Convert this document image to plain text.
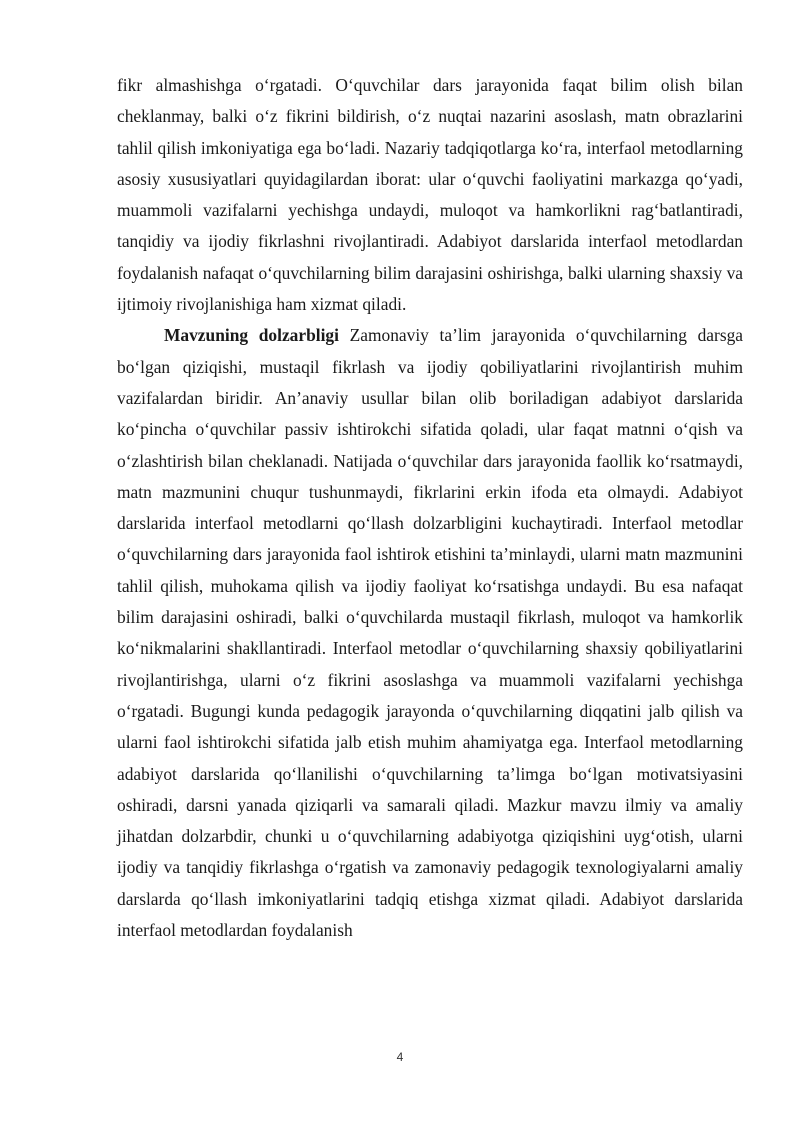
fikr almashishga o‘rgatadi. O‘quvchilar dars jarayonida faqat bilim olish bilan cheklanmay, balki o‘z fikrini bildirish, o‘z nuqtai nazarini asoslash, matn obrazlarini tahlil qilish imkoniyatiga ega bo‘ladi. Nazariy tadqiqotlarga ko‘ra, interfaol metodlarning asosiy xususiyatlari quyidagilardan iborat: ular o‘quvchi faoliyatini markazga qo‘yadi, muammoli vazifalarni yechishga undaydi, muloqot va hamkorlikni rag‘batlantiradi, tanqidiy va ijodiy fikrlashni rivojlantiradi. Adabiyot darslarida interfaol metodlardan foydalanish nafaqat o‘quvchilarning bilim darajasini oshirishga, balki ularning shaxsiy va ijtimoiy rivojlanishiga ham xizmat qiladi.

Mavzuning dolzarbligi Zamonaviy ta’lim jarayonida o‘quvchilarning darsga bo‘lgan qiziqishi, mustaqil fikrlash va ijodiy qobiliyatlarini rivojlantirish muhim vazifalardan biridir. An’anaviy usullar bilan olib boriladigan adabiyot darslarida ko‘pincha o‘quvchilar passiv ishtirokchi sifatida qoladi, ular faqat matnni o‘qish va o‘zlashtirish bilan cheklanadi. Natijada o‘quvchilar dars jarayonida faollik ko‘rsatmaydi, matn mazmunini chuqur tushunmaydi, fikrlarini erkin ifoda eta olmaydi. Adabiyot darslarida interfaol metodlarni qo‘llash dolzarbligini kuchaytiradi. Interfaol metodlar o‘quvchilarning dars jarayonida faol ishtirok etishini ta’minlaydi, ularni matn mazmunini tahlil qilish, muhokama qilish va ijodiy faoliyat ko‘rsatishga undaydi. Bu esa nafaqat bilim darajasini oshiradi, balki o‘quvchilarda mustaqil fikrlash, muloqot va hamkorlik ko‘nikmalarini shakllantiradi. Interfaol metodlar o‘quvchilarning shaxsiy qobiliyatlarini rivojlantirishga, ularni o‘z fikrini asoslashga va muammoli vazifalarni yechishga o‘rgatadi. Bugungi kunda pedagogik jarayonda o‘quvchilarning diqqatini jalb qilish va ularni faol ishtirokchi sifatida jalb etish muhim ahamiyatga ega. Interfaol metodlarning adabiyot darslarida qo‘llanilishi o‘quvchilarning ta’limga bo‘lgan motivatsiyasini oshiradi, darsni yanada qiziqarli va samarali qiladi. Mazkur mavzu ilmiy va amaliy jihatdan dolzarbdir, chunki u o‘quvchilarning adabiyotga qiziqishini uyg‘otish, ularni ijodiy va tanqidiy fikrlashga o‘rgatish va zamonaviy pedagogik texnologiyalarni amaliy darslarda qo‘llash imkoniyatlarini tadqiq etishga xizmat qiladi. Adabiyot darslarida interfaol metodlardan foydalanish

4
